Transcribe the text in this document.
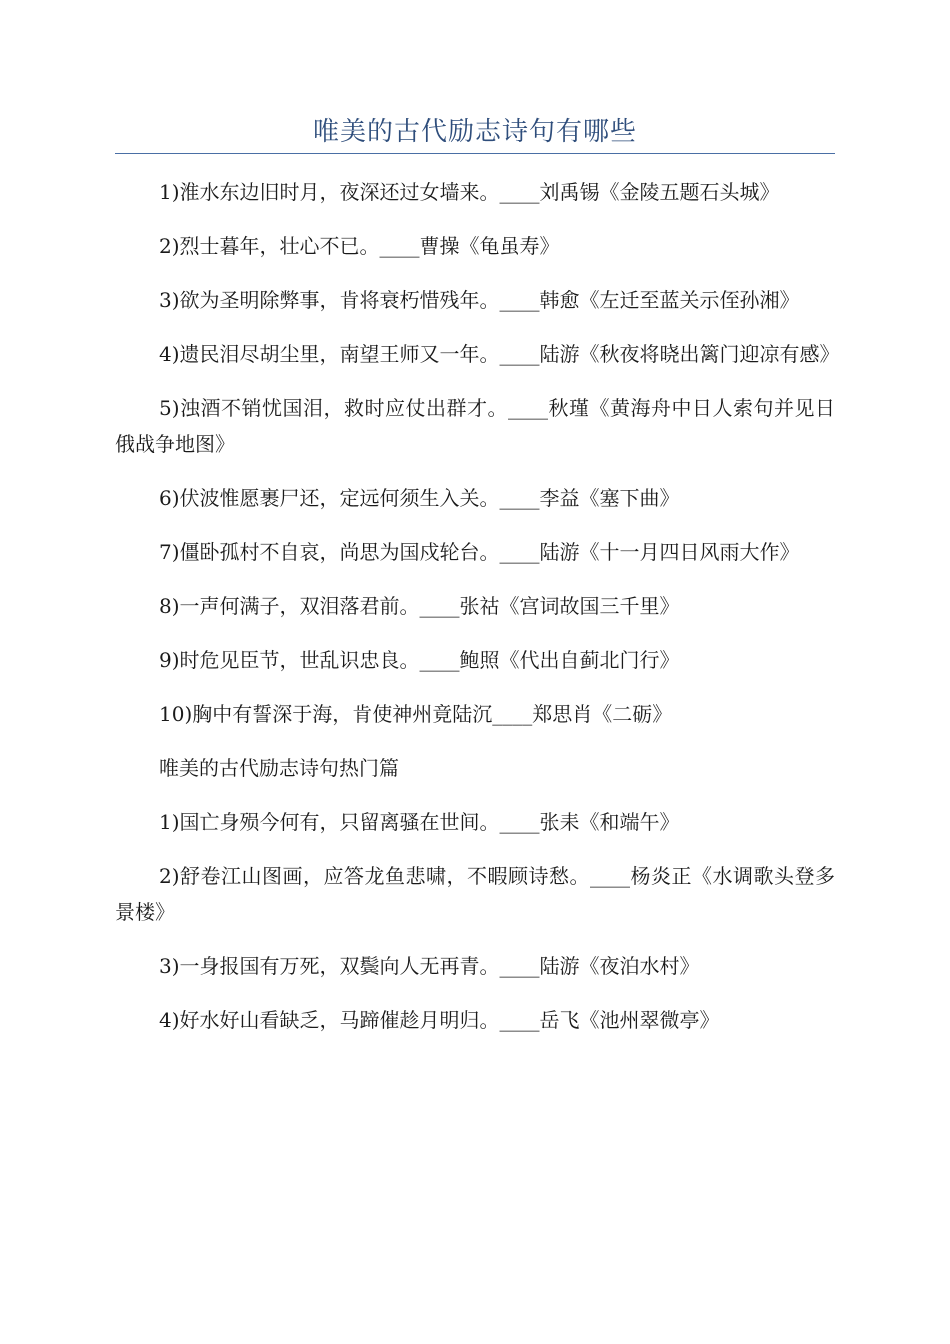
唯美的古代励志诗句有哪些

1)淮水东边旧时月，夜深还过女墙来。____刘禹锡《金陵五题石头城》

2)烈士暮年，壮心不已。____曹操《龟虽寿》

3)欲为圣明除弊事，肯将衰朽惜残年。____韩愈《左迁至蓝关示侄孙湘》

4)遗民泪尽胡尘里，南望王师又一年。____陆游《秋夜将晓出篱门迎凉有感》

5)浊酒不销忧国泪，救时应仗出群才。____秋瑾《黄海舟中日人索句并见日俄战争地图》

6)伏波惟愿裹尸还，定远何须生入关。____李益《塞下曲》

7)僵卧孤村不自哀，尚思为国戍轮台。____陆游《十一月四日风雨大作》

8)一声何满子，双泪落君前。____张祜《宫词故国三千里》

9)时危见臣节，世乱识忠良。____鲍照《代出自蓟北门行》

10)胸中有誓深于海，肯使神州竟陆沉____郑思肖《二砺》

唯美的古代励志诗句热门篇

1)国亡身殒今何有，只留离骚在世间。____张耒《和端午》

2)舒卷江山图画，应答龙鱼悲啸，不暇顾诗愁。____杨炎正《水调歌头登多景楼》

3)一身报国有万死，双鬓向人无再青。____陆游《夜泊水村》

4)好水好山看缺乏，马蹄催趁月明归。____岳飞《池州翠微亭》
